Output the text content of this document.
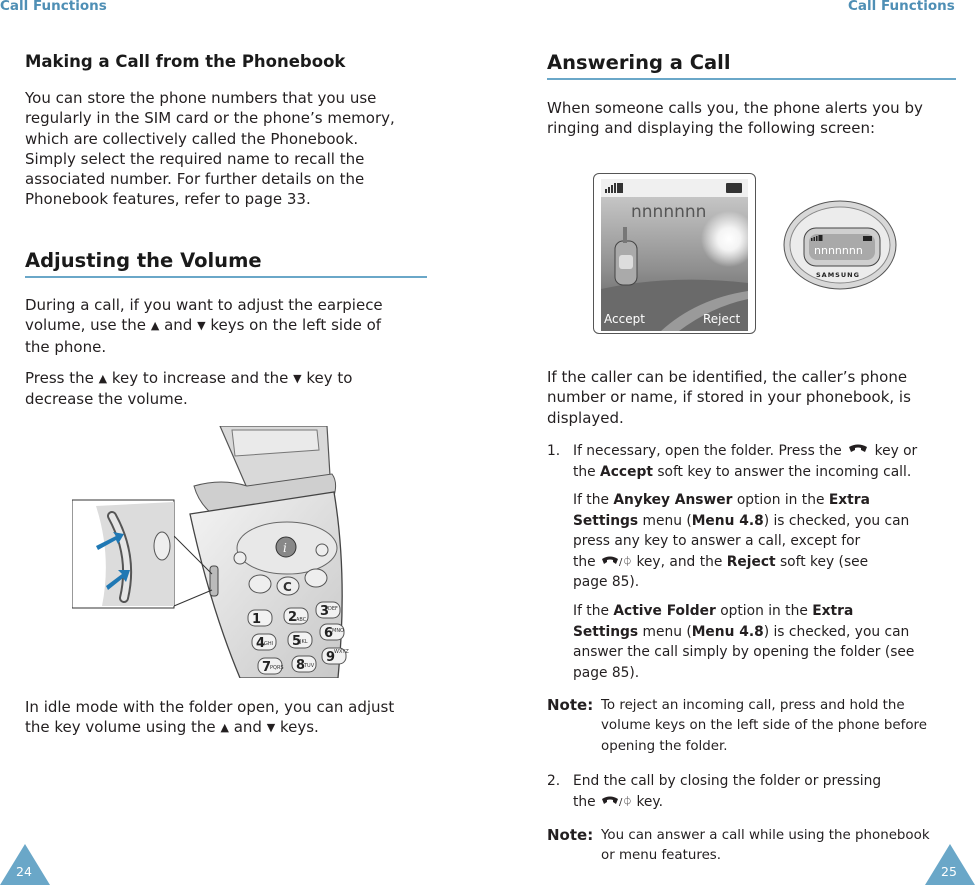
Call Functions	Call Functions
Making a Call from the Phonebook
You can store the phone numbers that you use
regularly in the SIM card or the phone’s memory,
which are collectively called the Phonebook.
Simply select the required name to recall the
associated number. For further details on the
Phonebook features, refer to page 33.
Adjusting the Volume
During a call, if you want to adjust the earpiece
volume, use the ▲ and ▼ keys on the left side of
the phone.
Press the ▲ key to increase and the ▼ key to
decrease the volume.
i
C
1 2 3
4 5
6
7 8
9
ABC
DEF
GHI	JKL
MNO
PQRS	TUV
WXYZ
In idle mode with the folder open, you can adjust
the key volume using the ▲ and ▼ keys.
24
Answering a Call
When someone calls you, the phone alerts you by
ringing and displaying the following screen:
nnnnnnn
Accept	Reject
nnnnnnn
SAMSUNG
If the caller can be identified, the caller’s phone
number or name, if stored in your phonebook, is
displayed.
1. If necessary, open the folder. Press the key or
the Accept soft key to answer the incoming call.
If the Anykey Answer option in the Extra
Settings menu (Menu 4.8) is checked, you can
press any key to answer a call, except for
the /⏀ key, and the Reject soft key (see
page 85).
If the Active Folder option in the Extra
Settings menu (Menu 4.8) is checked, you can
answer the call simply by opening the folder (see
page 85).
Note: To reject an incoming call, press and hold the
volume keys on the left side of the phone before
opening the folder.
2. End the call by closing the folder or pressing
the /⏀ key.
Note: You can answer a call while using the phonebook
or menu features.
25
